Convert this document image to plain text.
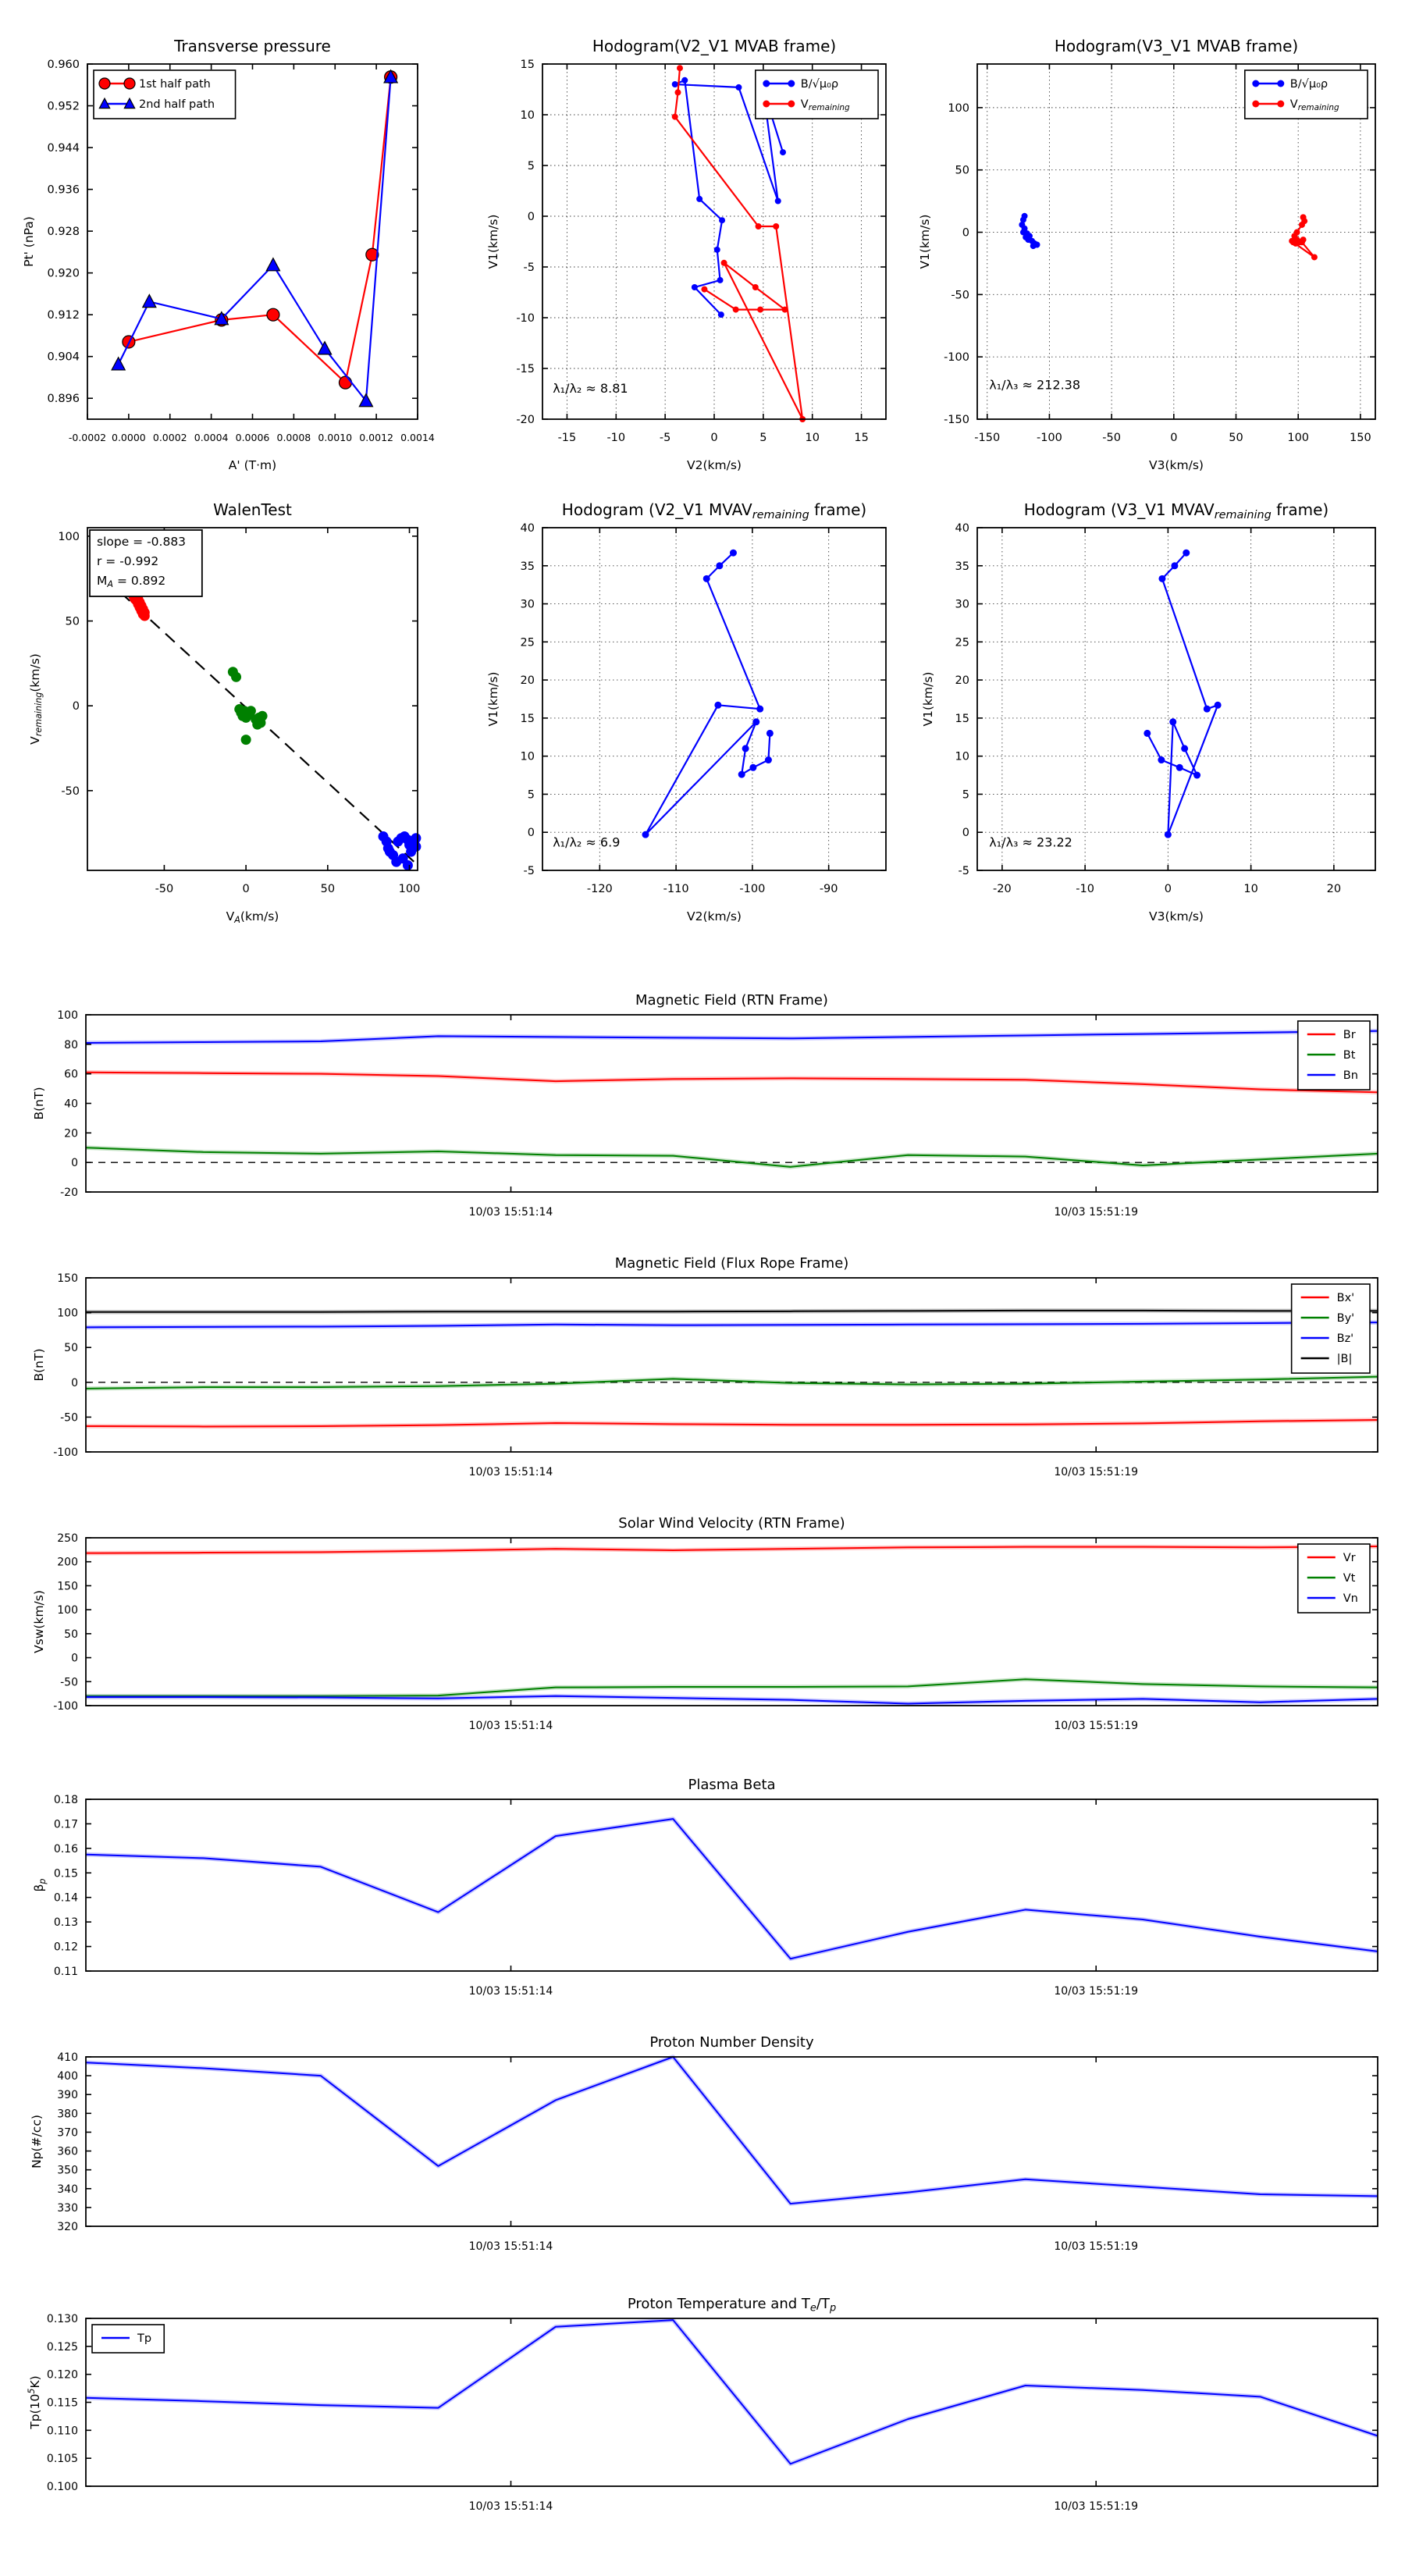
-0.0002 0.0000 0.0002 0.0004 0.0006 0.0008 0.0010 0.0012 0.0014
0.960
0.952
0.944
0.936
0.928
0.920
0.912
0.904
0.896
Transverse pressure
A' (T·m)
Pt' (nPa)
1st half path
2nd half path
-15	-10	-5	0	5	10	15
15
10
5
0
-5
-10
-15
-20
Hodogram(V2_V1 MVAB frame)
V2(km/s)
V1(km/s)
B/√μ₀ρ
$V_{remaining}$
λ₁/λ₂ ≈ 8.81
-150	-100	-50	0	50	100	150
100
50
0
-50
-100
-150
Hodogram(V3_V1 MVAB frame)
V3(km/s)
V1(km/s)
B/√μ₀ρ
$V_{remaining}$
λ₁/λ₃ ≈ 212.38
-50	0	50	100
100
50
0
-50
WalenTest
$V_A(km/s)$
$V_{remaining}(km/s)$
slope = -0.883
r = -0.992
$M_A = 0.892$
-120	-110	-100	-90
40
35
30
25
20
15
10
5
0
-5
Hodogram (V2_V1 $MVAV_{remaining}$ frame)
V2(km/s)
V1(km/s)
λ₁/λ₂ ≈ 6.9
-20	-10	0	10	20
40
35
30
25
20
15
10
5
0
-5
Hodogram (V3_V1 $MVAV_{remaining}$ frame)
V3(km/s)
V1(km/s)
λ₁/λ₃ ≈ 23.22
10/03 15:51:14	10/03 15:51:19
100
80
60
40
20
0
-20
Magnetic Field (RTN Frame)
B(nT)
Br
Bt
Bn
10/03 15:51:14	10/03 15:51:19
150
100
50
0
-50
-100
Magnetic Field (Flux Rope Frame)
B(nT)
Bx'
By'
Bz'
|B|
10/03 15:51:14	10/03 15:51:19
250
200
150
100
50
0
-50
-100
Solar Wind Velocity (RTN Frame)
Vsw(km/s)
Vr
Vt
Vn
10/03 15:51:14	10/03 15:51:19
0.18
0.17
0.16
0.15
0.14
0.13
0.12
0.11
Plasma Beta
$\beta_p$
10/03 15:51:14	10/03 15:51:19
410
400
390
380
370
360
350
340
330
320
Proton Number Density
Np(#/cc)
10/03 15:51:14	10/03 15:51:19
0.130
0.125
0.120
0.115
0.110
0.105
0.100
Proton Temperature and $T_e/T_p$
$Tp(10^5K)$
Tp
